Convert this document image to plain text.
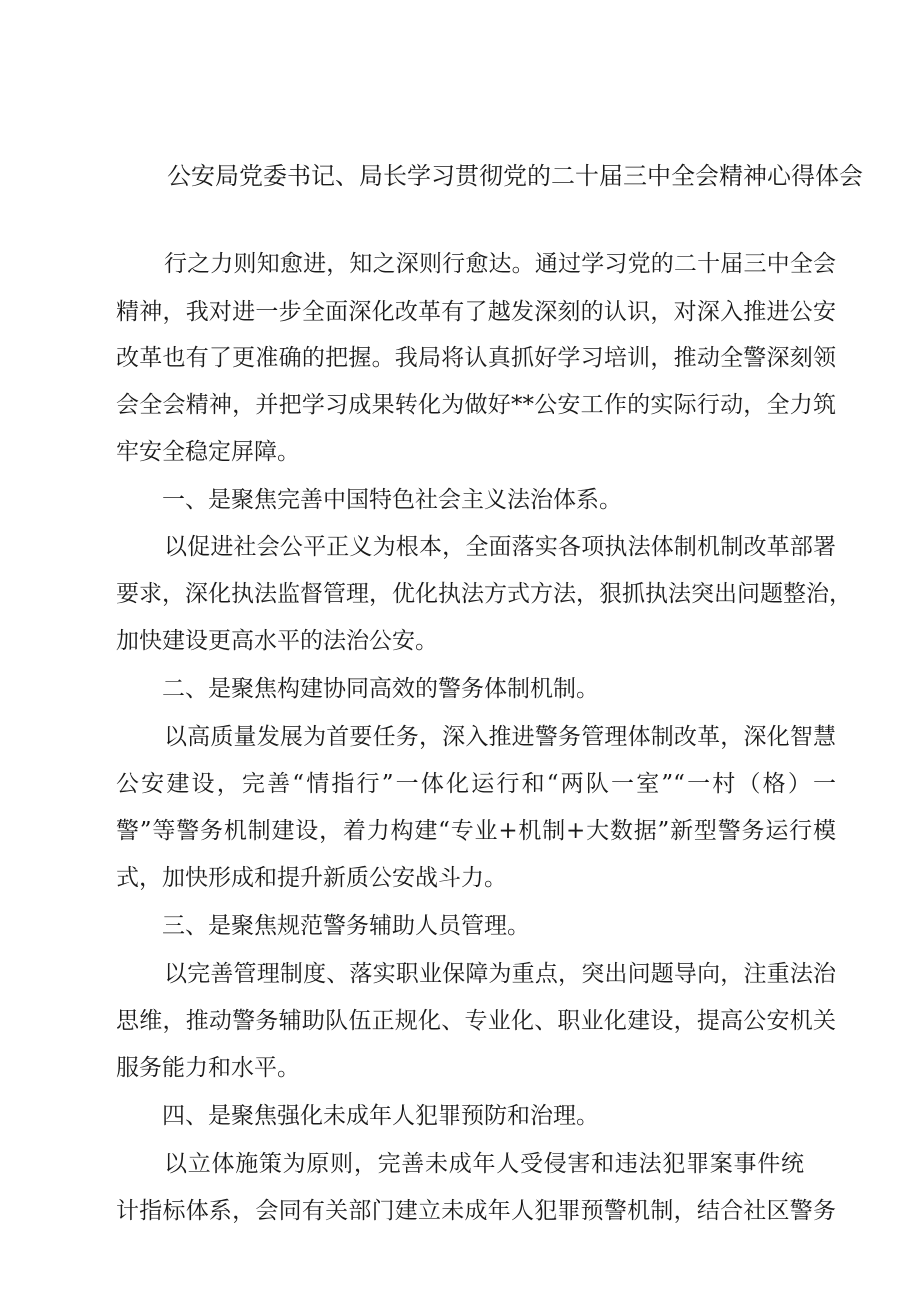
公安局党委书记、局长学习贯彻党的二十届三中全会精神心得体会
行之力则知愈进，知之深则行愈达。通过学习党的二十届三中全会
精神，我对进一步全面深化改革有了越发深刻的认识，对深入推进公安
改革也有了更准确的把握。我局将认真抓好学习培训，推动全警深刻领
会全会精神，并把学习成果转化为做好**公安工作的实际行动，全力筑
牢安全稳定屏障。
一、是聚焦完善中国特色社会主义法治体系。
以促进社会公平正义为根本，全面落实各项执法体制机制改革部署
要求，深化执法监督管理，优化执法方式方法，狠抓执法突出问题整治，
加快建设更高水平的法治公安。
二、是聚焦构建协同高效的警务体制机制。
以高质量发展为首要任务，深入推进警务管理体制改革，深化智慧
公安建设，完善“情指行”一体化运行和“两队一室”“一村（格）一
警”等警务机制建设，着力构建“专业+机制+大数据”新型警务运行模
式，加快形成和提升新质公安战斗力。
三、是聚焦规范警务辅助人员管理。
以完善管理制度、落实职业保障为重点，突出问题导向，注重法治
思维，推动警务辅助队伍正规化、专业化、职业化建设，提高公安机关
服务能力和水平。
四、是聚焦强化未成年人犯罪预防和治理。
以立体施策为原则，完善未成年人受侵害和违法犯罪案事件统
计指标体系，会同有关部门建立未成年人犯罪预警机制，结合社区警务
